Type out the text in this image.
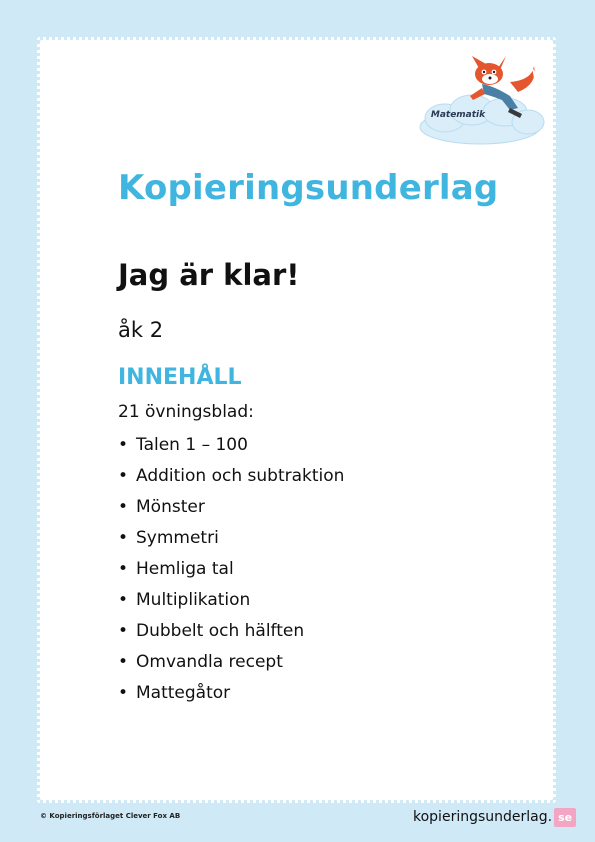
Matematik
Kopieringsunderlag
Jag är klar!
åk 2
INNEHÅLL
21 övningsblad:
• Talen 1 – 100
• Addition och subtraktion
• Mönster
• Symmetri
• Hemliga tal
• Multiplikation
• Dubbelt och hälften
• Omvandla recept
• Mattegåtor
© Kopieringsförlaget Clever Fox AB	kopieringsunderlag. se
